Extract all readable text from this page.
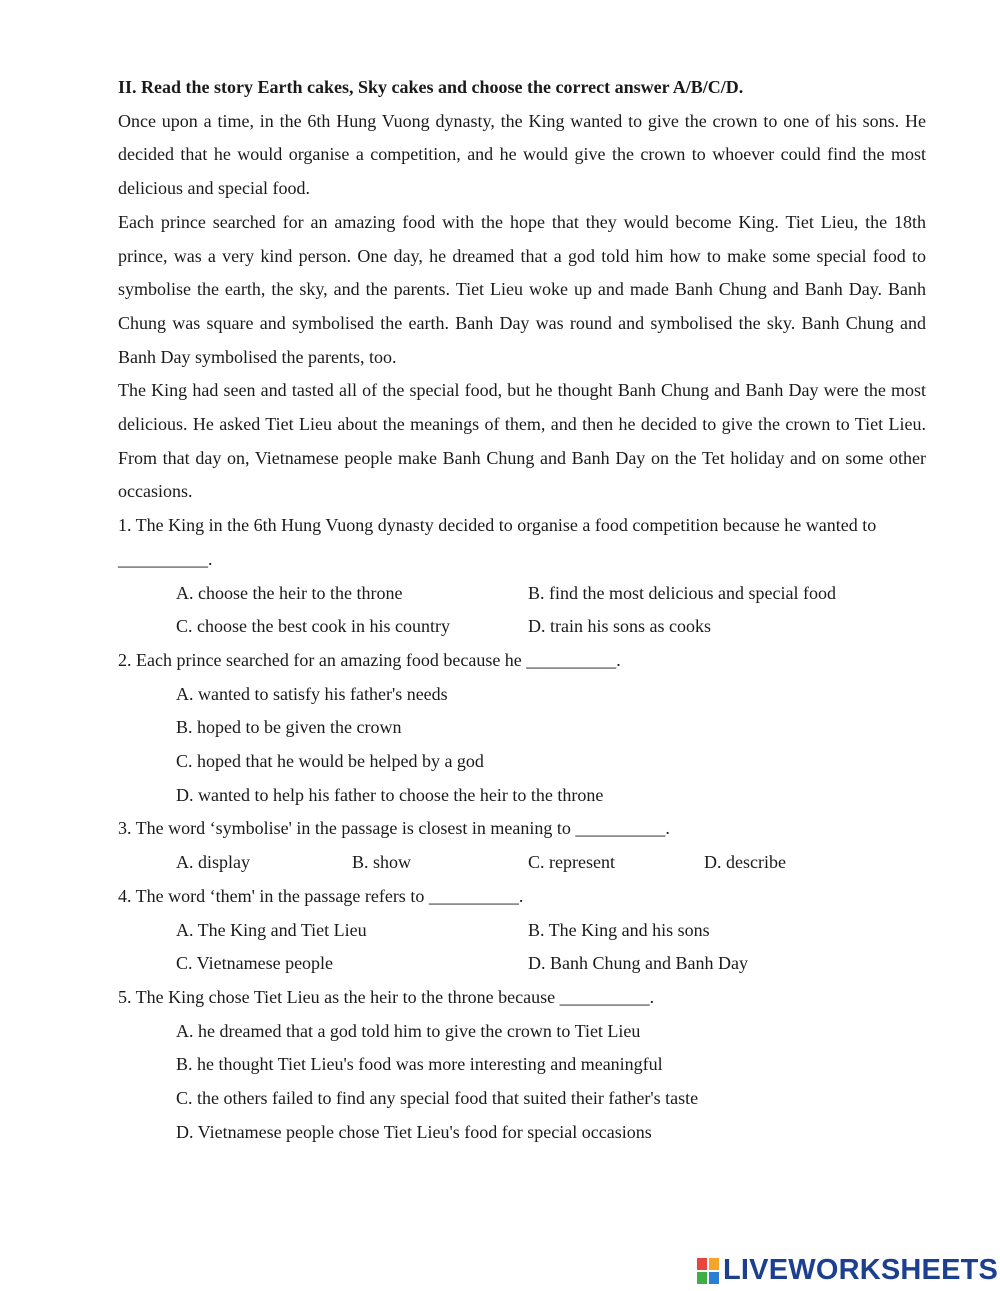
II. Read the story Earth cakes, Sky cakes and choose the correct answer A/B/C/D.
Once upon a time, in the 6th Hung Vuong dynasty, the King wanted to give the crown to one of his sons. He decided that he would organise a competition, and he would give the crown to whoever could find the most delicious and special food.
Each prince searched for an amazing food with the hope that they would become King. Tiet Lieu, the 18th prince, was a very kind person. One day, he dreamed that a god told him how to make some special food to symbolise the earth, the sky, and the parents. Tiet Lieu woke up and made Banh Chung and Banh Day. Banh Chung was square and symbolised the earth. Banh Day was round and symbolised the sky. Banh Chung and Banh Day symbolised the parents, too.
The King had seen and tasted all of the special food, but he thought Banh Chung and Banh Day were the most delicious. He asked Tiet Lieu about the meanings of them, and then he decided to give the crown to Tiet Lieu. From that day on, Vietnamese people make Banh Chung and Banh Day on the Tet holiday and on some other occasions.
1. The King in the 6th Hung Vuong dynasty decided to organise a food competition because he wanted to __________.
A. choose the heir to the throne	B. find the most delicious and special food
C. choose the best cook in his country	D. train his sons as cooks
2. Each prince searched for an amazing food because he __________.
A. wanted to satisfy his father's needs
B. hoped to be given the crown
C. hoped that he would be helped by a god
D. wanted to help his father to choose the heir to the throne
3. The word ‘symbolise' in the passage is closest in meaning to __________.
A. display	B. show	C. represent	D. describe
4. The word ‘them' in the passage refers to __________.
A. The King and Tiet Lieu	B. The King and his sons
C. Vietnamese people	D. Banh Chung and Banh Day
5. The King chose Tiet Lieu as the heir to the throne because __________.
A. he dreamed that a god told him to give the crown to Tiet Lieu
B. he thought Tiet Lieu's food was more interesting and meaningful
C. the others failed to find any special food that suited their father's taste
D. Vietnamese people chose Tiet Lieu's food for special occasions
LIVEWORKSHEETS
